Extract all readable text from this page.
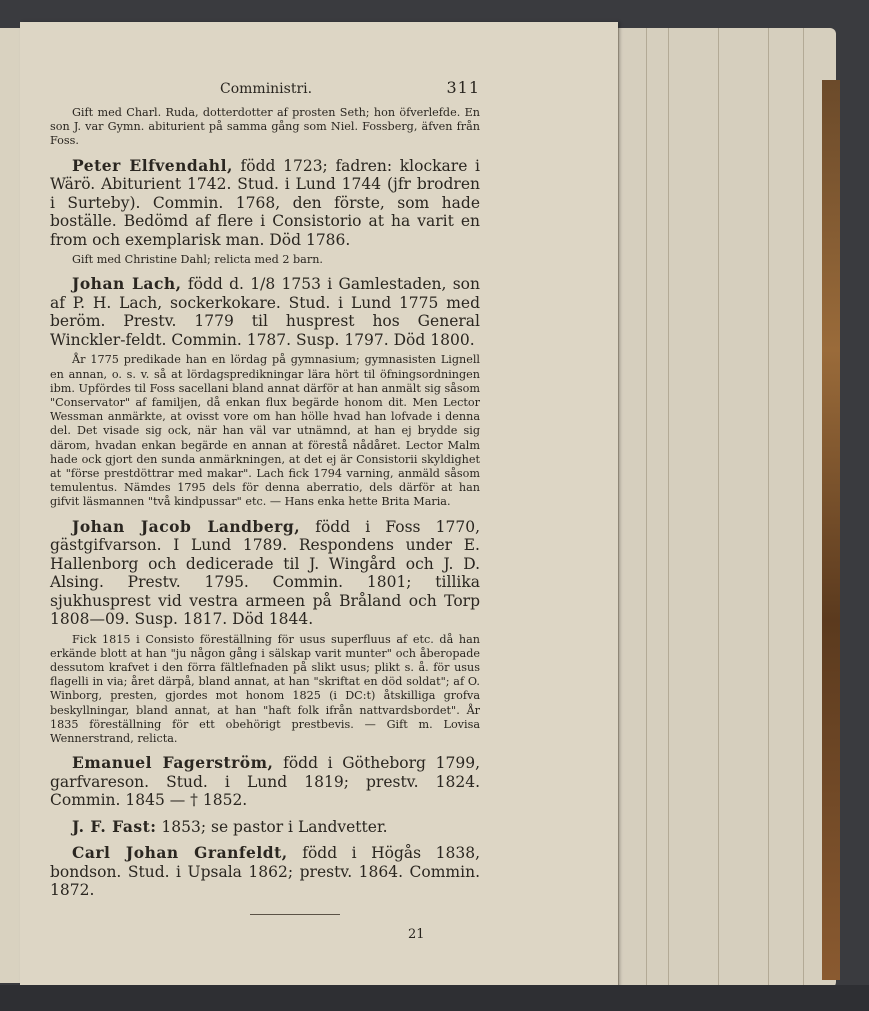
Comministri.	311

Gift med Charl. Ruda, dotterdotter af prosten Seth; hon öfverlefde. En son J. var Gymn. abiturient på samma gång som Niel. Fossberg, äfven från Foss.

Peter Elfvendahl, född 1723; fadren: klockare i Wärö. Abiturient 1742. Stud. i Lund 1744 (jfr brodren i Surteby). Commin. 1768, den förste, som hade boställe. Bedömd af flere i Consistorio at ha varit en from och exemplarisk man. Död 1786.

Gift med Christine Dahl; relicta med 2 barn.

Johan Lach, född d. 1/8 1753 i Gamlestaden, son af P. H. Lach, sockerkokare. Stud. i Lund 1775 med beröm. Prestv. 1779 til husprest hos General Winckler-feldt. Commin. 1787. Susp. 1797. Död 1800.

År 1775 predikade han en lördag på gymnasium; gymnasisten Lignell en annan, o. s. v. så at lördagspredikningar lära hört til öfningsordningen ibm. Upfördes til Foss sacellani bland annat därför at han anmält sig såsom "Conservator" af familjen, då enkan flux begärde honom dit. Men Lector Wessman anmärkte, at ovisst vore om han hölle hvad han lofvade i denna del. Det visade sig ock, när han väl var utnämnd, at han ej brydde sig därom, hvadan enkan begärde en annan at förestå nådåret. Lector Malm hade ock gjort den sunda anmärkningen, at det ej är Consistorii skyldighet at "förse prestdöttrar med makar". Lach fick 1794 varning, anmäld såsom temulentus. Nämdes 1795 dels för denna aberratio, dels därför at han gifvit läsmannen "två kindpussar" etc. — Hans enka hette Brita Maria.

Johan Jacob Landberg, född i Foss 1770, gästgifvarson. I Lund 1789. Respondens under E. Hallenborg och dedicerade til J. Wingård och J. D. Alsing. Prestv. 1795. Commin. 1801; tillika sjukhusprest vid vestra armeen på Bråland och Torp 1808—09. Susp. 1817. Död 1844.

Fick 1815 i Consisto föreställning för usus superfluus af etc. då han erkände blott at han "ju någon gång i sälskap varit munter" och åberopade dessutom krafvet i den förra fältlefnaden på slikt usus; plikt s. å. för usus flagelli in via; året därpå, bland annat, at han "skriftat en död soldat"; af O. Winborg, presten, gjordes mot honom 1825 (i DC:t) åtskilliga grofva beskyllningar, bland annat, at han "haft folk ifrån nattvardsbordet". År 1835 föreställning för ett obehörigt prestbevis. — Gift m. Lovisa Wennerstrand, relicta.

Emanuel Fagerström, född i Götheborg 1799, garfvareson. Stud. i Lund 1819; prestv. 1824. Commin. 1845 — † 1852.

J. F. Fast: 1853; se pastor i Landvetter.

Carl Johan Granfeldt, född i Högås 1838, bondson. Stud. i Upsala 1862; prestv. 1864. Commin. 1872.

21
